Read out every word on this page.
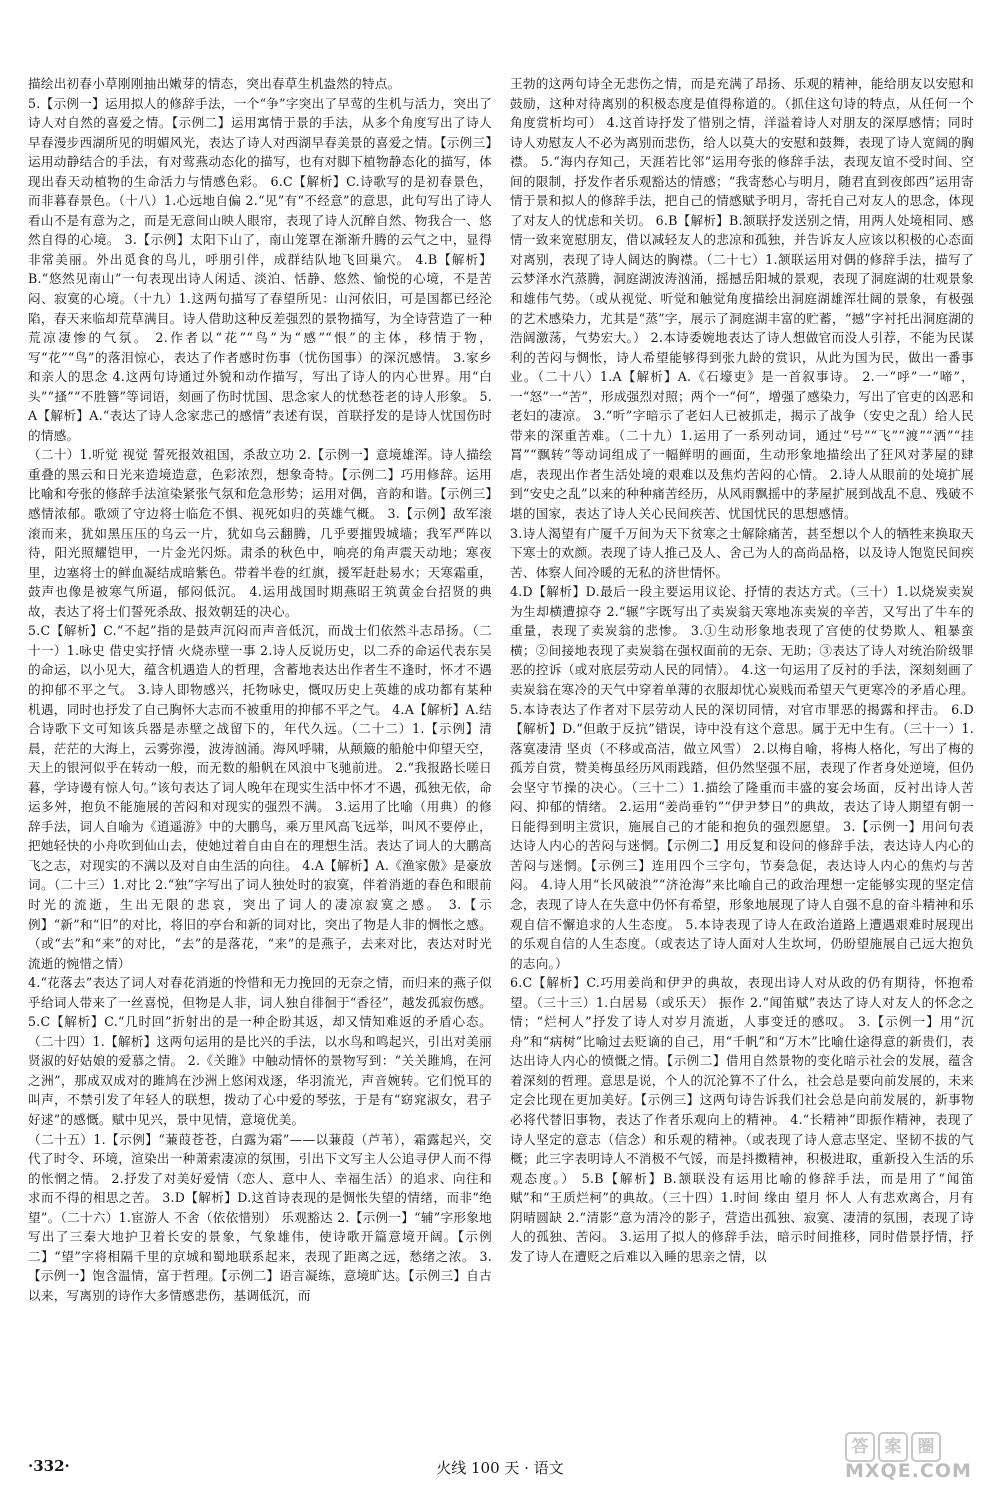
描绘出初春小草刚刚抽出嫩芽的情态，突出春草生机盎然的特点。

5.【示例一】运用拟人的修辞手法，一个“争”字突出了早莺的生机与活力，突出了诗人对自然的喜爱之情。【示例二】运用寓情于景的手法，从多个角度写出了诗人早春漫步西湖所见的明媚风光，表达了诗人对西湖早春美景的喜爱之情。【示例三】运用动静结合的手法，有对莺燕动态化的描写，也有对脚下植物静态化的描写，体现出春天动植物的生命活力与情感色彩。 6.C【解析】C.诗歌写的是初春景色，而非暮春景色。（十八）1.心远地自偏 2.“见”有“不经意”的意思，此句写出了诗人看山不是有意为之，而是无意间山映人眼帘，表现了诗人沉醉自然、物我合一、悠然自得的心境。 3.【示例】太阳下山了，南山笼罩在渐渐升腾的云气之中，显得非常美丽。外出觅食的鸟儿，呼朋引伴，成群结队地飞回巢穴。 4.B【解析】B.“悠然见南山”一句表现出诗人闲适、淡泊、恬静、悠然、愉悦的心境，不是苦闷、寂寞的心境。（十九）1.这两句描写了春望所见：山河依旧，可是国都已经沦陷，春天来临却荒草满目。诗人借助这种反差强烈的景物描写，为全诗营造了一种荒凉凄惨的气氛。 2.作者以“花”“鸟”为“感”“恨”的主体，移情于物，写“花”“鸟”的落泪惊心，表达了作者感时伤事（忧伤国事）的深沉感情。 3.家乡和亲人的思念 4.这两句诗通过外貌和动作描写，写出了诗人的内心世界。用“白头”“搔”“不胜簪”等词语，刻画了伤时忧国、思念家人的忧愁苍老的诗人形象。 5.A【解析】A.“表达了诗人念家悲己的感情”表述有误，首联抒发的是诗人忧国伤时的情感。

（二十）1.听觉 视觉 誓死报效祖国，杀敌立功 2.【示例一】意境雄浑。诗人描绘重叠的黑云和日光来造境造意，色彩浓烈，想象奇特。【示例二】巧用修辞。运用比喻和夸张的修辞手法渲染紧张气氛和危急形势；运用对偶，音韵和谐。【示例三】感情浓郁。歌颂了守边将士临危不惧、视死如归的英雄气概。 3.【示例】敌军滚滚而来，犹如黑压压的乌云一片，犹如乌云翻腾，几乎要摧毁城墙；我军严阵以待，阳光照耀铠甲，一片金光闪烁。肃杀的秋色中，响亮的角声震天动地；寒夜里，边塞将士的鲜血凝结成暗紫色。带着半卷的红旗，援军赶赴易水；天寒霜重，鼓声也像是被寒气所逼，郁闷低沉。 4.运用战国时期燕昭王筑黄金台招贤的典故，表达了将士们誓死杀敌、报效朝廷的决心。

5.C【解析】C.“不起”指的是鼓声沉闷而声音低沉，而战士们依然斗志昂扬。（二十一）1.咏史 借史实抒情 火烧赤壁一事 2.诗人反说历史，以二乔的命运代表东吴的命运，以小见大，蕴含机遇造人的哲理，含蓄地表达出作者生不逢时，怀才不遇的抑郁不平之气。 3.诗人即物感兴，托物咏史，慨叹历史上英雄的成功都有某种机遇，同时也抒发了自己胸怀大志而不被重用的抑郁不平之气。 4.A【解析】A.结合诗歌下文可知该兵器是赤壁之战留下的，年代久远。（二十二）1.【示例】清晨，茫茫的大海上，云雾弥漫，波涛汹涌。海风呼啸，从颠簸的船舱中仰望天空，天上的银河似乎在转动一般，而无数的船帆在风浪中飞驰前进。 2.“我报路长嗟日暮，学诗谩有惊人句。”该句表达了词人晚年在现实生活中怀才不遇，孤独无依，命运多舛，抱负不能施展的苦闷和对现实的强烈不满。 3.运用了比喻（用典）的修辞手法，词人自喻为《逍遥游》中的大鹏鸟，乘万里风高飞远举，叫风不要停止，把她轻快的小舟吹到仙山去，使她过着自由自在的理想生活。表达了词人的大鹏高飞之志，对现实的不满以及对自由生活的向往。 4.A【解析】A.《渔家傲》是豪放词。（二十三）1.对比 2.“独”字写出了词人独处时的寂寞，伴着消逝的春色和眼前时光的流逝，生出无限的悲哀，突出了词人的凄凉寂寞之感。 3.【示例】“新”和“旧”的对比，将旧的亭台和新的词对比，突出了物是人非的惆怅之感。（或“去”和“来”的对比，“去”的是落花，“来”的是燕子，去来对比，表达对时光流逝的惋惜之情）

4.“花落去”表达了词人对春花消逝的怜惜和无力挽回的无奈之情，而归来的燕子似乎给词人带来了一丝喜悦，但物是人非，词人独自徘徊于“香径”，越发孤寂伤感。 5.C【解析】C.“几时回”折射出的是一种企盼其返，却又情知难返的矛盾心态。（二十四）1.【解析】这两句运用的是比兴的手法，以水鸟和鸣起兴，引出对美丽贤淑的好姑娘的爱慕之情。 2.《关雎》中触动情怀的景物写到：“关关雎鸠，在河之洲”，那成双成对的雎鸠在沙洲上悠闲戏逐，华羽流光，声音婉转。它们悦耳的叫声，不禁引发了年轻人的联想，拨动了心中爱的琴弦，于是有“窈窕淑女，君子好逑”的感慨。赋中见兴，景中见情，意境优美。

（二十五）1.【示例】“蒹葭苍苍，白露为霜”——以蒹葭（芦苇），霜露起兴，交代了时令、环境，渲染出一种萧索凄凉的氛围，引出下文写主人公追寻伊人而不得的怅惘之情。 2.抒发了对美好爱情（恋人、意中人、幸福生活）的追求、向往和求而不得的相思之苦。 3.D【解析】D.这首诗表现的是惆怅失望的情绪，而非“绝望”。（二十六）1.宦游人 不舍（依依惜别） 乐观豁达 2.【示例一】“辅”字形象地写出了三秦大地护卫着长安的景象，气象雄伟，使诗歌开篇意境开阔。【示例二】“望”字将相隔千里的京城和蜀地联系起来，表现了距离之远，愁绪之浓。 3.【示例一】饱含温情，富于哲理。【示例二】语言凝练，意境旷达。【示例三】自古以来，写离别的诗作大多情感悲伤，基调低沉，而

王勃的这两句诗全无悲伤之情，而是充满了昂扬、乐观的精神，能给朋友以安慰和鼓励，这种对待离别的积极态度是值得称道的。（抓住这句诗的特点，从任何一个角度赏析均可） 4.这首诗抒发了惜别之情，洋溢着诗人对朋友的深厚感情；同时诗人劝慰友人不必为离别而悲伤，给人以莫大的安慰和鼓舞，表现了诗人宽阔的胸襟。 5.“海内存知己，天涯若比邻”运用夸张的修辞手法，表现友谊不受时间、空间的限制，抒发作者乐观豁达的情感；“我寄愁心与明月，随君直到夜郎西”运用寄情于景和拟人的修辞手法，把自己的情感赋予明月，寄托自己对友人的思念，体现了对友人的忧虑和关切。 6.B【解析】B.颔联抒发送别之情，用两人处境相同、感情一致来宽慰朋友，借以减轻友人的悲凉和孤独，并告诉友人应该以积极的心态面对离别，表现了诗人阔达的胸襟。（二十七）1.颔联运用对偶的修辞手法，描写了云梦泽水汽蒸腾，洞庭湖波涛汹涌，摇撼岳阳城的景观，表现了洞庭湖的壮观景象和雄伟气势。（或从视觉、听觉和触觉角度描绘出洞庭湖雄浑壮阔的景象，有极强的艺术感染力，尤其是“蒸”字，展示了洞庭湖丰富的贮蓄，“撼”字衬托出洞庭湖的浩阔激荡，气势宏大。） 2.本诗委婉地表达了诗人想做官而没人引荐，不能为民谋利的苦闷与惆怅，诗人希望能够得到张九龄的赏识，从此为国为民，做出一番事业。（二十八）1.A【解析】A.《石壕吏》是一首叙事诗。 2.一“呼”一“啼”，一“怒”一“苦”，形成强烈对照；两个一“何”，增强了感染力，写出了官吏的凶恶和老妇的凄凉。 3.“听”字暗示了老妇人已被抓走，揭示了战争（安史之乱）给人民带来的深重苦难。（二十九）1.运用了一系列动词，通过“号”“飞”“渡”“洒”“挂罥”“飘转”等动词组成了一幅鲜明的画面，生动形象地描绘出了狂风对茅屋的肆虐，表现出作者生活处境的艰难以及焦灼苦闷的心情。 2.诗人从眼前的处境扩展到“安史之乱”以来的种种痛苦经历，从风雨飘摇中的茅屋扩展到战乱不息、残破不堪的国家，表达了诗人关心民间疾苦、忧国忧民的思想感情。

3.诗人渴望有广厦千万间为天下贫寒之士解除痛苦，甚至想以个人的牺牲来换取天下寒士的欢颜。表现了诗人推己及人、舍己为人的高尚品格，以及诗人饱览民间疾苦、体察人间冷暖的无私的济世情怀。

4.D【解析】D.最后一段主要运用议论、抒情的表达方式。（三十）1.以烧炭卖炭为生却横遭掠夺 2.“辗”字既写出了卖炭翁天寒地冻卖炭的辛苦，又写出了牛车的重量，表现了卖炭翁的悲惨。 3.①生动形象地表现了宫使的仗势欺人、粗暴蛮横；②间接地表现了卖炭翁在强权面前的无奈、无助；③表达了诗人对统治阶级罪恶的控诉（或对底层劳动人民的同情）。 4.这一句运用了反衬的手法，深刻刻画了卖炭翁在寒冷的天气中穿着单薄的衣服却忧心炭贱而希望天气更寒冷的矛盾心理。 5.本诗表达了作者对下层劳动人民的深切同情，对官市罪恶的揭露和抨击。 6.D【解析】D.“但敢于反抗”错误，诗中没有这个意思。属于无中生有。（三十一）1.落寞凄清 坚贞（不移或高洁，做立风雪） 2.以梅自喻，将梅人格化，写出了梅的孤芳自赏，赞美梅虽经历风雨践踏，但仍然坚强不屈，表现了作者身处逆境，但仍会坚守节操的决心。（三十二）1.描绘了隆重而丰盛的宴会场面，反衬出诗人苦闷、抑郁的情绪。 2.运用“姜尚垂钓”“伊尹梦日”的典故，表达了诗人期望有朝一日能得到明主赏识，施展自己的才能和抱负的强烈愿望。 3.【示例一】用问句表达诗人内心的苦闷与迷惘。【示例二】用反复和设问的修辞手法，表达诗人内心的苦闷与迷惘。【示例三】连用四个三字句，节奏急促，表达诗人内心的焦灼与苦闷。 4.诗人用“长风破浪”“济沧海”来比喻自己的政治理想一定能够实现的坚定信念，表现了诗人在失意中仍怀有希望，形象地展现了诗人自强不息的奋斗精神和乐观自信不懈追求的人生态度。 5.本诗表现了诗人在政治道路上遭遇艰难时展现出的乐观自信的人生态度。（或表达了诗人面对人生坎坷，仍盼望施展自己远大抱负的志向。）

6.C【解析】C.巧用姜尚和伊尹的典故，表现出诗人对从政的仍有期待，怀抱希望。（三十三）1.白居易（或乐天） 振作 2.“闻笛赋”表达了诗人对友人的怀念之情；“烂柯人”抒发了诗人对岁月流逝，人事变迁的感叹。 3.【示例一】用“沉舟”和“病树”比喻过去贬谪的自己，用“千帆”和“万木”比喻仕途得意的新贵们，表达出诗人内心的愤慨之情。【示例二】借用自然景物的变化暗示社会的发展，蕴含着深刻的哲理。意思是说，个人的沉沦算不了什么，社会总是要向前发展的，未来定会比现在更加美好。【示例三】这两句诗告诉我们社会总是向前发展的，新事物必将代替旧事物，表达了作者乐观向上的精神。 4.“长精神”即振作精神，表现了诗人坚定的意志（信念）和乐观的精神。（或表现了诗人意志坚定、坚韧不拔的气概；此三字表明诗人不消极不气馁，而是抖擞精神，积极进取，重新投入生活的乐观态度。） 5.B【解析】B.颔联没有运用比喻的修辞手法，而是用了“闻笛赋”和“王质烂柯”的典故。（三十四）1.时间 缘由 望月 怀人 人有悲欢离合，月有阴晴圆缺 2.“清影”意为清冷的影子，营造出孤独、寂寞、凄清的氛围，表现了诗人的孤独、苦闷。 3.运用了拟人的修辞手法，暗示时间推移，同时借景抒情，抒发了诗人在遭贬之后难以入睡的思亲之情，以

·332·	火线 100 天 · 语文
答 案 圈
MXQE.COM
